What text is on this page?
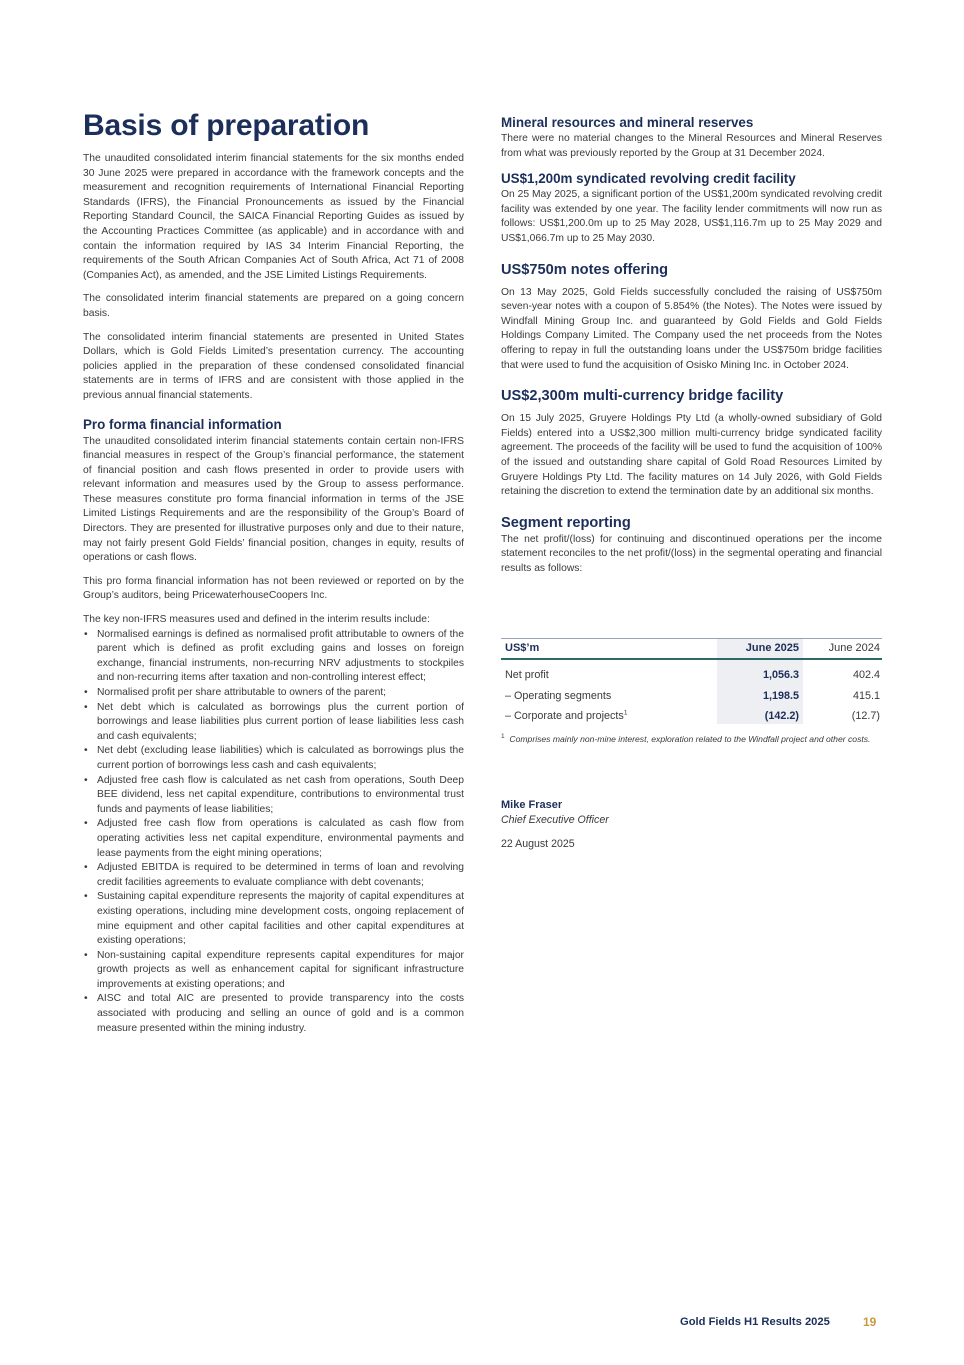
Basis of preparation

The unaudited consolidated interim financial statements for the six months ended 30 June 2025 were prepared in accordance with the framework concepts and the measurement and recognition requirements of International Financial Reporting Standards (IFRS), the Financial Pronouncements as issued by the Financial Reporting Standard Council, the SAICA Financial Reporting Guides as issued by the Accounting Practices Committee (as applicable) and in accordance with and contain the information required by IAS 34 Interim Financial Reporting, the requirements of the South African Companies Act of South Africa, Act 71 of 2008 (Companies Act), as amended, and the JSE Limited Listings Requirements.

The consolidated interim financial statements are prepared on a going concern basis.

The consolidated interim financial statements are presented in United States Dollars, which is Gold Fields Limited’s presentation currency. The accounting policies applied in the preparation of these condensed consolidated financial statements are in terms of IFRS and are consistent with those applied in the previous annual financial statements.

Pro forma financial information

The unaudited consolidated interim financial statements contain certain non-IFRS financial measures in respect of the Group’s financial performance, the statement of financial position and cash flows presented in order to provide users with relevant information and measures used by the Group to assess performance. These measures constitute pro forma financial information in terms of the JSE Limited Listings Requirements and are the responsibility of the Group’s Board of Directors. They are presented for illustrative purposes only and due to their nature, may not fairly present Gold Fields’ financial position, changes in equity, results of operations or cash flows.

This pro forma financial information has not been reviewed or reported on by the Group’s auditors, being PricewaterhouseCoopers Inc.

The key non-IFRS measures used and defined in the interim results include:

• Normalised earnings is defined as normalised profit attributable to owners of the parent which is defined as profit excluding gains and losses on foreign exchange, financial instruments, non-recurring NRV adjustments to stockpiles and non-recurring items after taxation and non-controlling interest effect;
• Normalised profit per share attributable to owners of the parent;
• Net debt which is calculated as borrowings plus the current portion of borrowings and lease liabilities plus current portion of lease liabilities less cash and cash equivalents;
• Net debt (excluding lease liabilities) which is calculated as borrowings plus the current portion of borrowings less cash and cash equivalents;
• Adjusted free cash flow is calculated as net cash from operations, South Deep BEE dividend, less net capital expenditure, contributions to environmental trust funds and payments of lease liabilities;
• Adjusted free cash flow from operations is calculated as cash flow from operating activities less net capital expenditure, environmental payments and lease payments from the eight mining operations;
• Adjusted EBITDA is required to be determined in terms of loan and revolving credit facilities agreements to evaluate compliance with debt covenants;
• Sustaining capital expenditure represents the majority of capital expenditures at existing operations, including mine development costs, ongoing replacement of mine equipment and other capital facilities and other capital expenditures at existing operations;
• Non-sustaining capital expenditure represents capital expenditures for major growth projects as well as enhancement capital for significant infrastructure improvements at existing operations; and
• AISC and total AIC are presented to provide transparency into the costs associated with producing and selling an ounce of gold and is a common measure presented within the mining industry.
Mineral resources and mineral reserves

There were no material changes to the Mineral Resources and Mineral Reserves from what was previously reported by the Group at 31 December 2024.

US$1,200m syndicated revolving credit facility

On 25 May 2025, a significant portion of the US$1,200m syndicated revolving credit facility was extended by one year. The facility lender commitments will now run as follows: US$1,200.0m up to 25 May 2028, US$1,116.7m up to 25 May 2029 and US$1,066.7m up to 25 May 2030.

US$750m notes offering

On 13 May 2025, Gold Fields successfully concluded the raising of US$750m seven-year notes with a coupon of 5.854% (the Notes). The Notes were issued by Windfall Mining Group Inc. and guaranteed by Gold Fields and Gold Fields Holdings Company Limited. The Company used the net proceeds from the Notes offering to repay in full the outstanding loans under the US$750m bridge facilities that were used to fund the acquisition of Osisko Mining Inc. in October 2024.

US$2,300m multi-currency bridge facility

On 15 July 2025, Gruyere Holdings Pty Ltd (a wholly-owned subsidiary of Gold Fields) entered into a US$2,300 million multi-currency bridge syndicated facility agreement. The proceeds of the facility will be used to fund the acquisition of 100% of the issued and outstanding share capital of Gold Road Resources Limited by Gruyere Holdings Pty Ltd. The facility matures on 14 July 2026, with Gold Fields retaining the discretion to extend the termination date by an additional six months.

Segment reporting

The net profit/(loss) for continuing and discontinued operations per the income statement reconciles to the net profit/(loss) in the segmental operating and financial results as follows:

US$’m	June 2025	June 2024
Net profit	1,056.3	402.4
– Operating segments	1,198.5	415.1
– Corporate and projects$^1$	(142.2)	(12.7)
$^1$ Comprises mainly non-mine interest, exploration related to the Windfall project and other costs.
Mike Fraser
Chief Executive Officer
22 August 2025
Gold Fields H1 Results 2025	19
